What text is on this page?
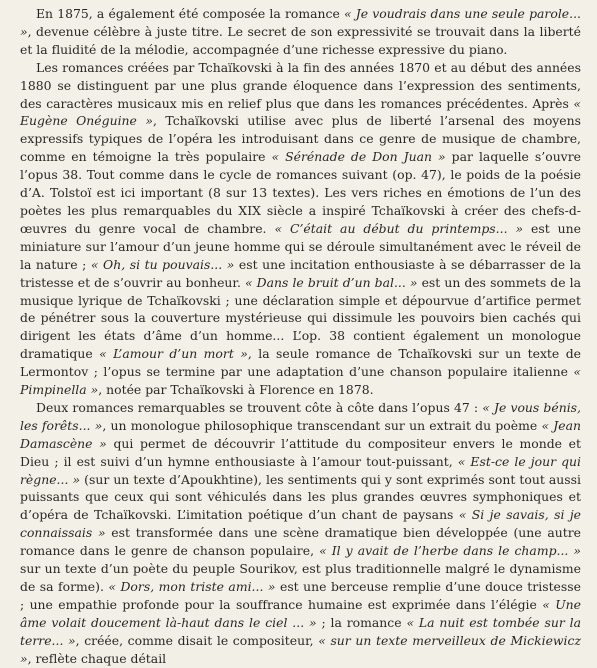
En 1875, a également été composée la romance « Je voudrais dans une seule parole... », devenue célèbre à juste titre. Le secret de son expressivité se trouvait dans la liberté et la fluidité de la mélodie, accompagnée d’une richesse expressive du piano.

Les romances créées par Tchaïkovski à la fin des années 1870 et au début des années 1880 se distinguent par une plus grande éloquence dans l’expression des sentiments, des caractères musicaux mis en relief plus que dans les romances précédentes. Après « Eugène Onéguine », Tchaïkovski utilise avec plus de liberté l’arsenal des moyens expressifs typiques de l’opéra les introduisant dans ce genre de musique de chambre, comme en témoigne la très populaire « Sérénade de Don Juan » par laquelle s’ouvre l’opus 38. Tout comme dans le cycle de romances suivant (op. 47), le poids de la poésie d’A. Tolstoï est ici important (8 sur 13 textes). Les vers riches en émotions de l’un des poètes les plus remarquables du XIX siècle a inspiré Tchaïkovski à créer des chefs-d-œuvres du genre vocal de chambre. « C’était au début du printemps... » est une miniature sur l’amour d’un jeune homme qui se déroule simultanément avec le réveil de la nature ; « Oh, si tu pouvais... » est une incitation enthousiaste à se débarrasser de la tristesse et de s’ouvrir au bonheur. « Dans le bruit d’un bal... » est un des sommets de la musique lyrique de Tchaïkovski ; une déclaration simple et dépourvue d’artifice permet de pénétrer sous la couverture mystérieuse qui dissimule les pouvoirs bien cachés qui dirigent les états d’âme d’un homme... L’op. 38 contient également un monologue dramatique « L’amour d’un mort », la seule romance de Tchaïkovski sur un texte de Lermontov ; l’opus se termine par une adaptation d’une chanson populaire italienne « Pimpinella », notée par Tchaïkovski à Florence en 1878.

Deux romances remarquables se trouvent côte à côte dans l’opus 47 : « Je vous bénis, les forêts... », un monologue philosophique transcendant sur un extrait du poème « Jean Damascène » qui permet de découvrir l’attitude du compositeur envers le monde et Dieu ; il est suivi d’un hymne enthousiaste à l’amour tout-puissant, « Est-ce le jour qui règne... » (sur un texte d’Apoukhtine), les sentiments qui y sont exprimés sont tout aussi puissants que ceux qui sont véhiculés dans les plus grandes œuvres symphoniques et d’opéra de Tchaïkovski. L’imitation poétique d’un chant de paysans « Si je savais, si je connaissais » est transformée dans une scène dramatique bien développée (une autre romance dans le genre de chanson populaire, « Il y avait de l’herbe dans le champ... » sur un texte d’un poète du peuple Sourikov, est plus traditionnelle malgré le dynamisme de sa forme). « Dors, mon triste ami... » est une berceuse remplie d’une douce tristesse ; une empathie profonde pour la souffrance humaine est exprimée dans l’élégie « Une âme volait doucement là-haut dans le ciel ... » ; la romance « La nuit est tombée sur la terre... », créée, comme disait le compositeur, « sur un texte merveilleux de Mickiewicz », reflète chaque détail
